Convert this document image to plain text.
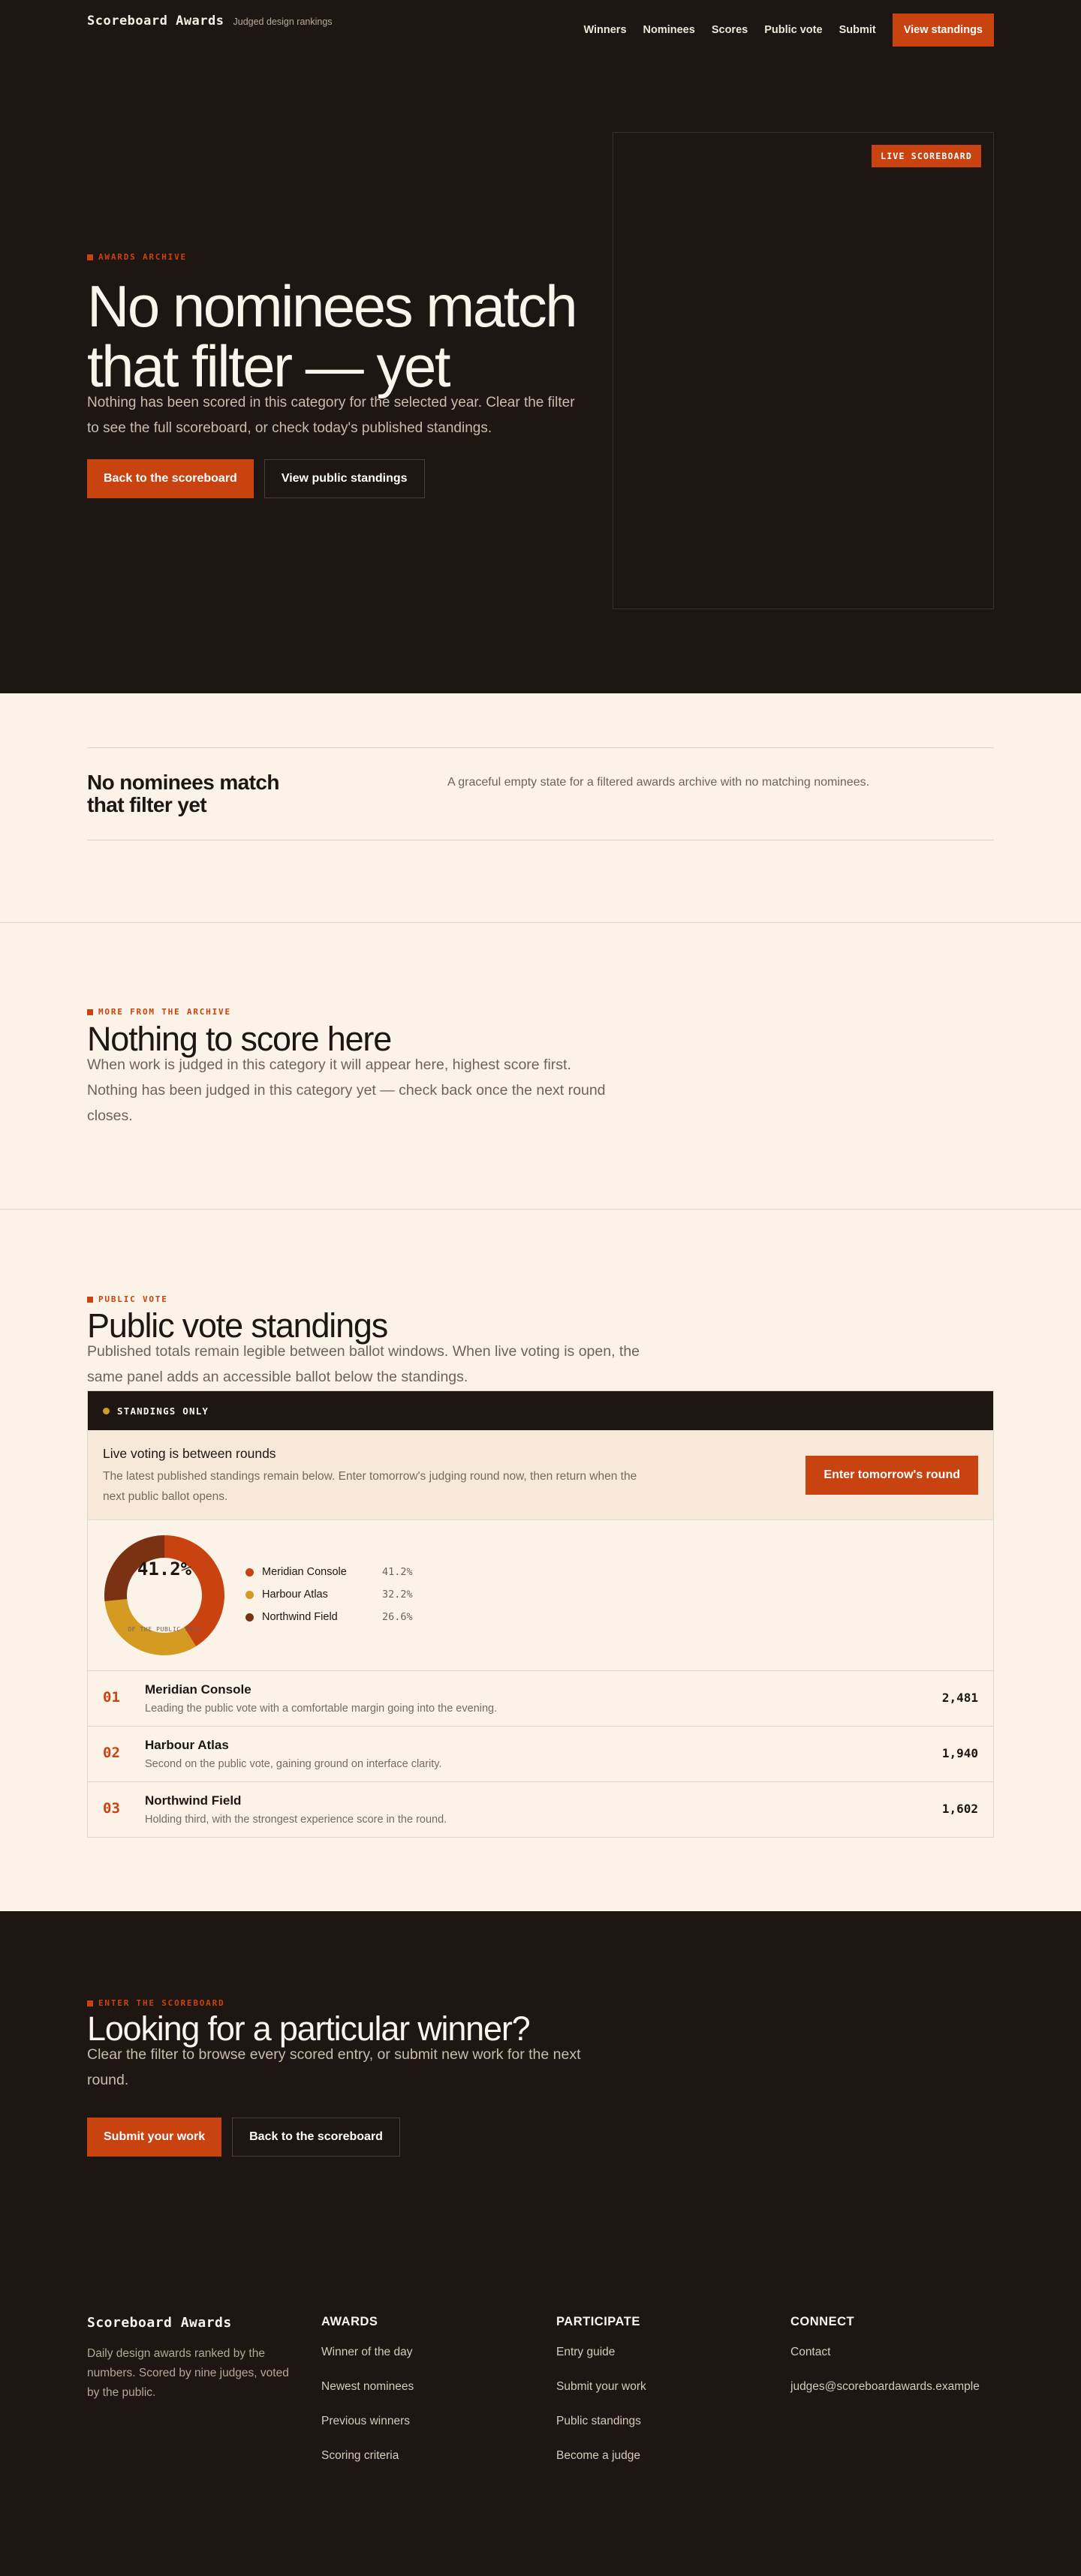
Scoreboard Awards Judged design rankings
Winners Nominees Scores Public vote Submit	View standings
AWARDS ARCHIVE
No nominees match that filter — yet

Nothing has been scored in this category for the selected year. Clear the filter to see the full scoreboard, or check today's published standings.

Back to the scoreboard	View public standings
LIVE SCOREBOARD
No nominees match that filter yet

A graceful empty state for a filtered awards archive with no matching nominees.

MORE FROM THE ARCHIVE
Nothing to score here

When work is judged in this category it will appear here, highest score first. Nothing has been judged in this category yet — check back once the next round closes.

PUBLIC VOTE
Public vote standings

Published totals remain legible between ballot windows. When live voting is open, the same panel adds an accessible ballot below the standings.

STANDINGS ONLY
Live voting is between rounds

The latest published standings remain below. Enter tomorrow's judging round now, then return when the next public ballot opens.

Enter tomorrow's round
41.2%
OF THE PUBLIC VOTE
Meridian Console	41.2%
Harbour Atlas	32.2%
Northwind Field	26.6%
01 Meridian Console
Leading the public vote with a comfortable margin going into the evening.
2,481
02 Harbour Atlas
Second on the public vote, gaining ground on interface clarity.
1,940
03 Northwind Field
Holding third, with the strongest experience score in the round.
1,602
ENTER THE SCOREBOARD
Looking for a particular winner?

Clear the filter to browse every scored entry, or submit new work for the next round.

Submit your work	Back to the scoreboard
Scoreboard Awards
Daily design awards ranked by the numbers. Scored by nine judges, voted by the public.
AWARDS
Winner of the day
Newest nominees
Previous winners
Scoring criteria
PARTICIPATE
Entry guide
Submit your work
Public standings
Become a judge
CONNECT
Contact
judges@scoreboardawards.example
